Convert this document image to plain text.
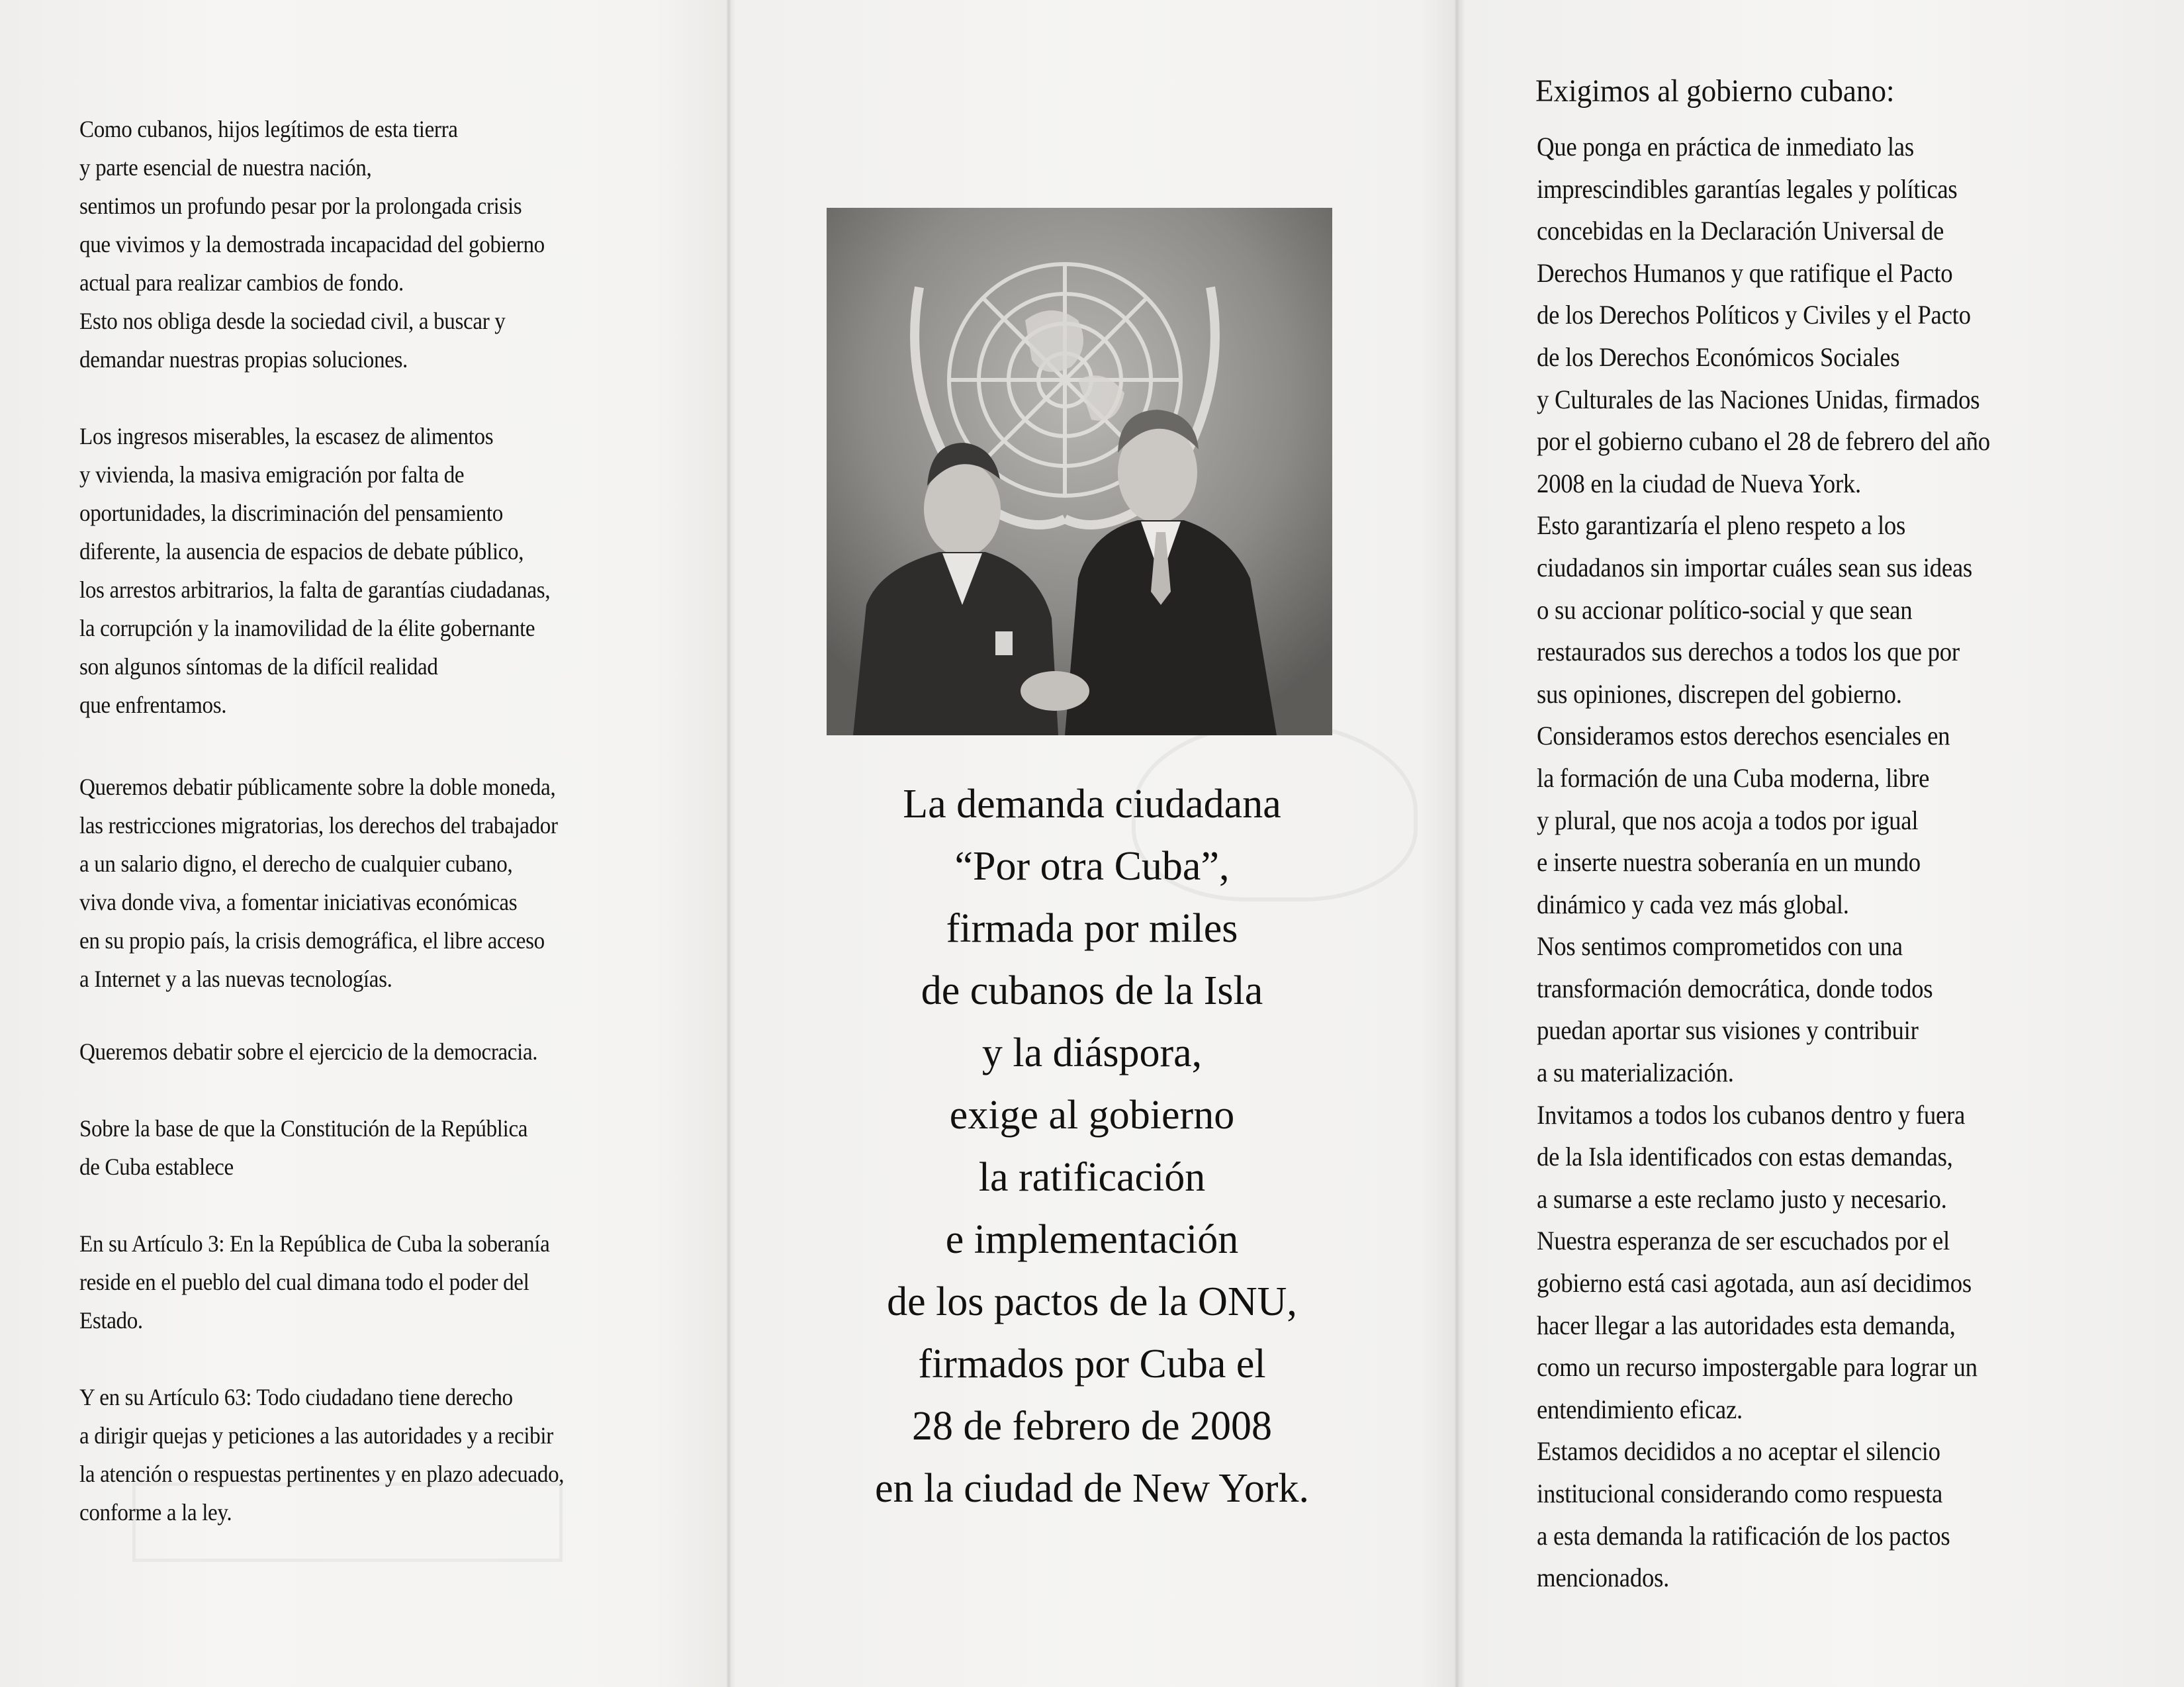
Como cubanos, hijos legítimos de esta tierra
y parte esencial de nuestra nación,
sentimos un profundo pesar por la prolongada crisis
que vivimos y la demostrada incapacidad del gobierno
actual para realizar cambios de fondo.
Esto nos obliga desde la sociedad civil, a buscar y
demandar nuestras propias soluciones.
Los ingresos miserables, la escasez de alimentos
y vivienda, la masiva emigración por falta de
oportunidades, la discriminación del pensamiento
diferente, la ausencia de espacios de debate público,
los arrestos arbitrarios, la falta de garantías ciudadanas,
la corrupción y la inamovilidad de la élite gobernante
son algunos síntomas de la difícil realidad
que enfrentamos.
Queremos debatir públicamente sobre la doble moneda,
las restricciones migratorias, los derechos del trabajador
a un salario digno, el derecho de cualquier cubano,
viva donde viva, a fomentar iniciativas económicas
en su propio país, la crisis demográfica, el libre acceso
a Internet y a las nuevas tecnologías.
Queremos debatir sobre el ejercicio de la democracia.
Sobre la base de que la Constitución de la República
de Cuba establece
En su Artículo 3: En la República de Cuba la soberanía
reside en el pueblo del cual dimana todo el poder del
Estado.
Y en su Artículo 63: Todo ciudadano tiene derecho
a dirigir quejas y peticiones a las autoridades y a recibir
la atención o respuestas pertinentes y en plazo adecuado,
conforme a la ley.
La demanda ciudadana
“Por otra Cuba”,
firmada por miles
de cubanos de la Isla
y la diáspora,
exige al gobierno
la ratificación
e implementación
de los pactos de la ONU,
firmados por Cuba el
28 de febrero de 2008
en la ciudad de New York.
Exigimos al gobierno cubano:
Que ponga en práctica de inmediato las
imprescindibles garantías legales y políticas
concebidas en la Declaración Universal de
Derechos Humanos y que ratifique el Pacto
de los Derechos Políticos y Civiles y el Pacto
de los Derechos Económicos Sociales
y Culturales de las Naciones Unidas, firmados
por el gobierno cubano el 28 de febrero del año
2008 en la ciudad de Nueva York.
Esto garantizaría el pleno respeto a los
ciudadanos sin importar cuáles sean sus ideas
o su accionar político-social y que sean
restaurados sus derechos a todos los que por
sus opiniones, discrepen del gobierno.
Consideramos estos derechos esenciales en
la formación de una Cuba moderna, libre
y plural, que nos acoja a todos por igual
e inserte nuestra soberanía en un mundo
dinámico y cada vez más global.
Nos sentimos comprometidos con una
transformación democrática, donde todos
puedan aportar sus visiones y contribuir
a su materialización.
Invitamos a todos los cubanos dentro y fuera
de la Isla identificados con estas demandas,
a sumarse a este reclamo justo y necesario.
Nuestra esperanza de ser escuchados por el
gobierno está casi agotada, aun así decidimos
hacer llegar a las autoridades esta demanda,
como un recurso impostergable para lograr un
entendimiento eficaz.
Estamos decididos a no aceptar el silencio
institucional considerando como respuesta
a esta demanda la ratificación de los pactos
mencionados.
